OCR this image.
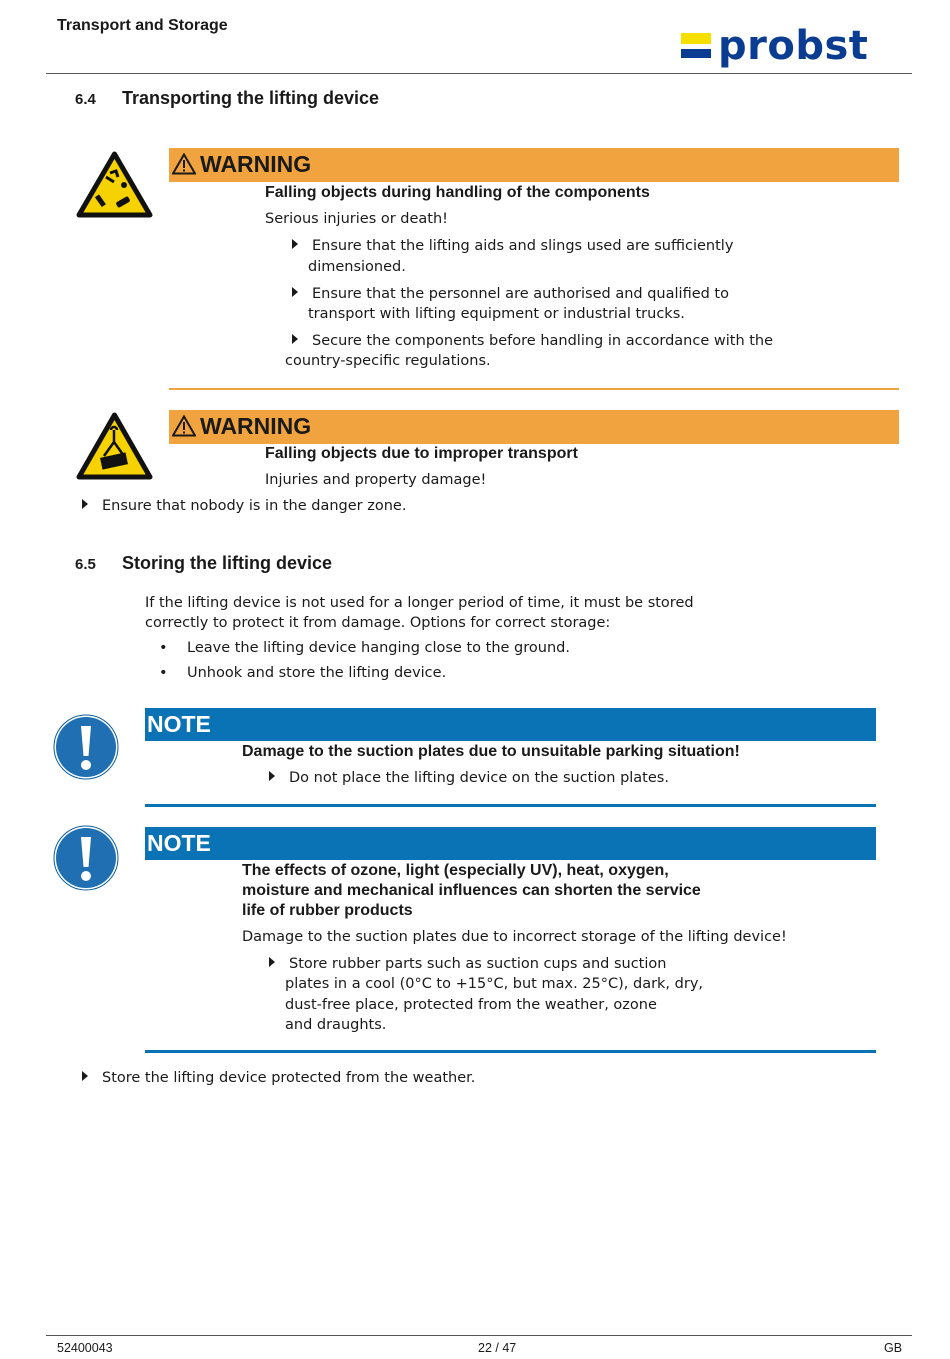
Transport and Storage	probst
6.4 Transporting the lifting device
WARNING
Falling objects during handling of the components
Serious injuries or death!
Ensure that the lifting aids and slings used are sufficiently
dimensioned.
Ensure that the personnel are authorised and qualified to
transport with lifting equipment or industrial trucks.
Secure the components before handling in accordance with the
country-specific regulations.
WARNING
Falling objects due to improper transport
Injuries and property damage!
Ensure that nobody is in the danger zone.
6.5 Storing the lifting device
If the lifting device is not used for a longer period of time, it must be stored
correctly to protect it from damage. Options for correct storage:
• Leave the lifting device hanging close to the ground.
• Unhook and store the lifting device.
NOTE
Damage to the suction plates due to unsuitable parking situation!
Do not place the lifting device on the suction plates.
NOTE
The effects of ozone, light (especially UV), heat, oxygen,
moisture and mechanical influences can shorten the service
life of rubber products
Damage to the suction plates due to incorrect storage of the lifting device!
Store rubber parts such as suction cups and suction
plates in a cool (0°C to +15°C, but max. 25°C), dark, dry,
dust-free place, protected from the weather, ozone
and draughts.
Store the lifting device protected from the weather.
52400043	22 / 47	GB
